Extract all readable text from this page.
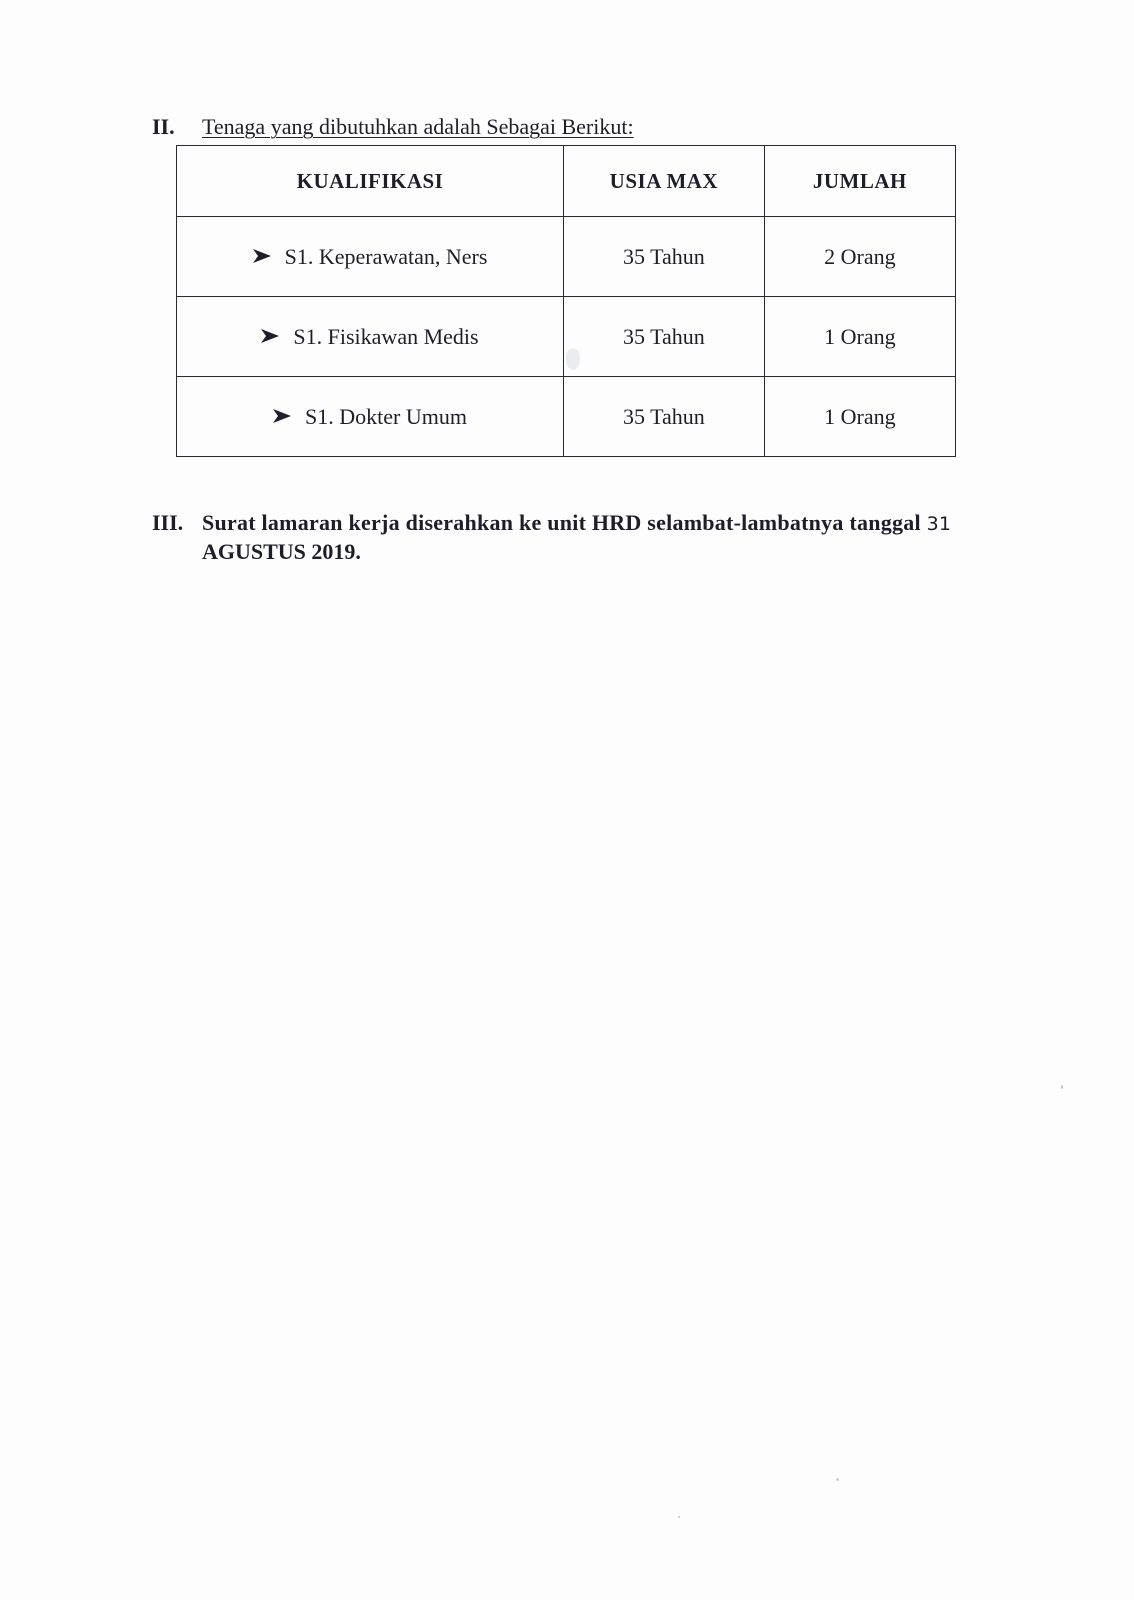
II. Tenaga yang dibutuhkan adalah Sebagai Berikut:
KUALIFIKASI	USIA MAX	JUMLAH

S1. Keperawatan, Ners	35 Tahun	2 Orang

S1. Fisikawan Medis	35 Tahun	1 Orang

S1. Dokter Umum	35 Tahun	1 Orang
III. Surat lamaran kerja diserahkan ke unit HRD selambat-lambatnya tanggal 31
AGUSTUS 2019.
